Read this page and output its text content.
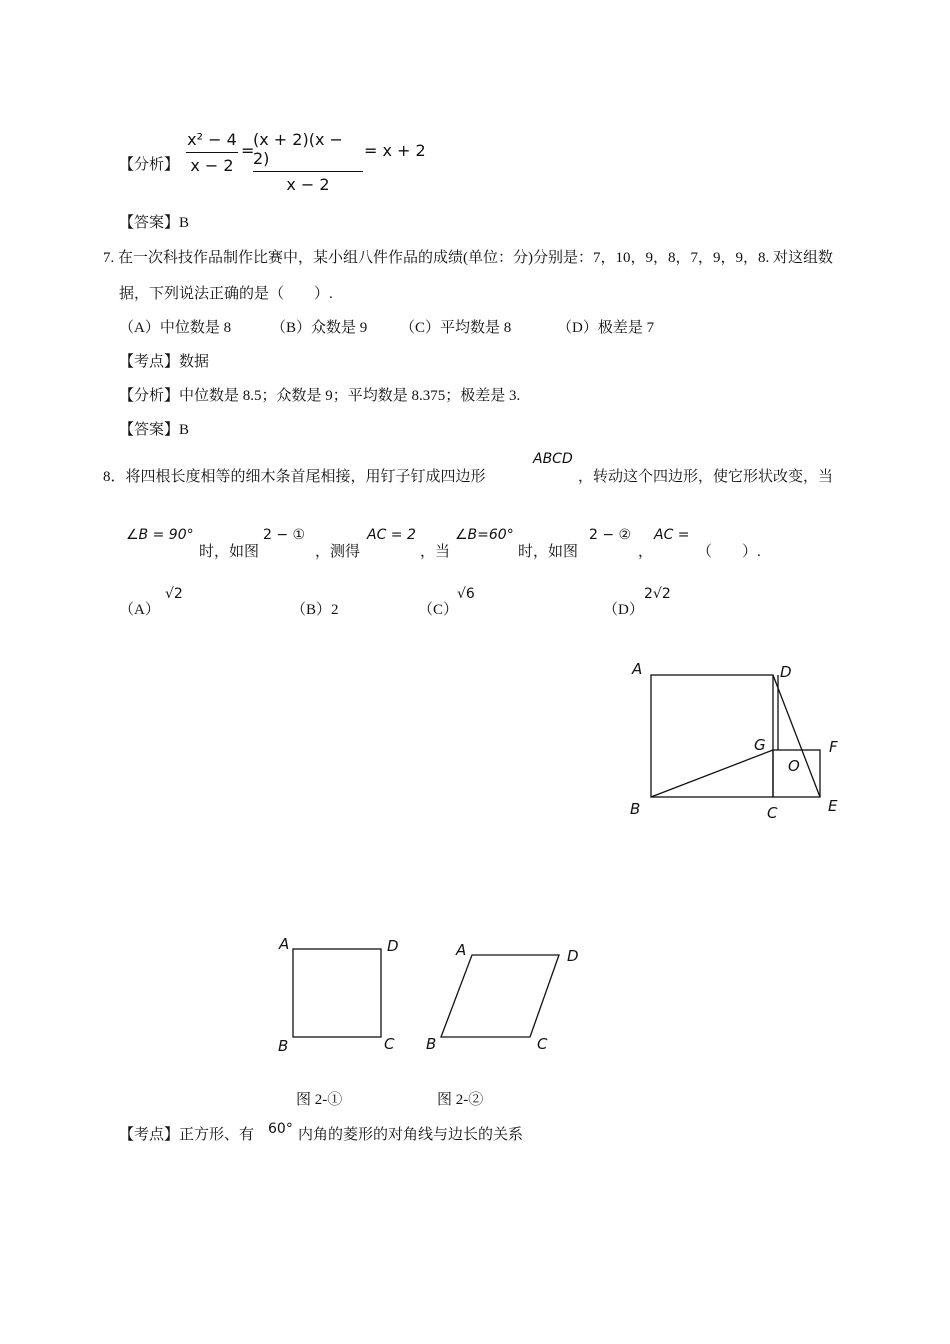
【分析】
x² − 4
x − 2
=
(x + 2)(x − 2)
x − 2
= x + 2
【答案】B
7. 在一次科技作品制作比赛中，某小组八件作品的成绩(单位：分)分别是：7，10，9，8，7，9，9，8. 对这组数
据，下列说法正确的是（　　）.
（A）中位数是 8	（B）众数是 9 （C）平均数是 8	（D）极差是 7
【考点】数据
【分析】中位数是 8.5；众数是 9；平均数是 8.375；极差是 3.
【答案】B
8．将四根长度相等的细木条首尾相接，用钉子钉成四边形
ABCD
，转动这个四边形，使它形状改变，当
∠B = 90°
时，如图
2 − ①
，测得
AC = 2
，当
∠B=60°
时，如图
2 − ②
，
AC =
（　　）.
（A）
√2
（B）2	（C）
√6
（D）
2√2
A	D
G	F
O
B	C	E
A	D
B	C
A	D
B	C
图 2-①	图 2-②
【考点】正方形、有 60° 内角的菱形的对角线与边长的关系
